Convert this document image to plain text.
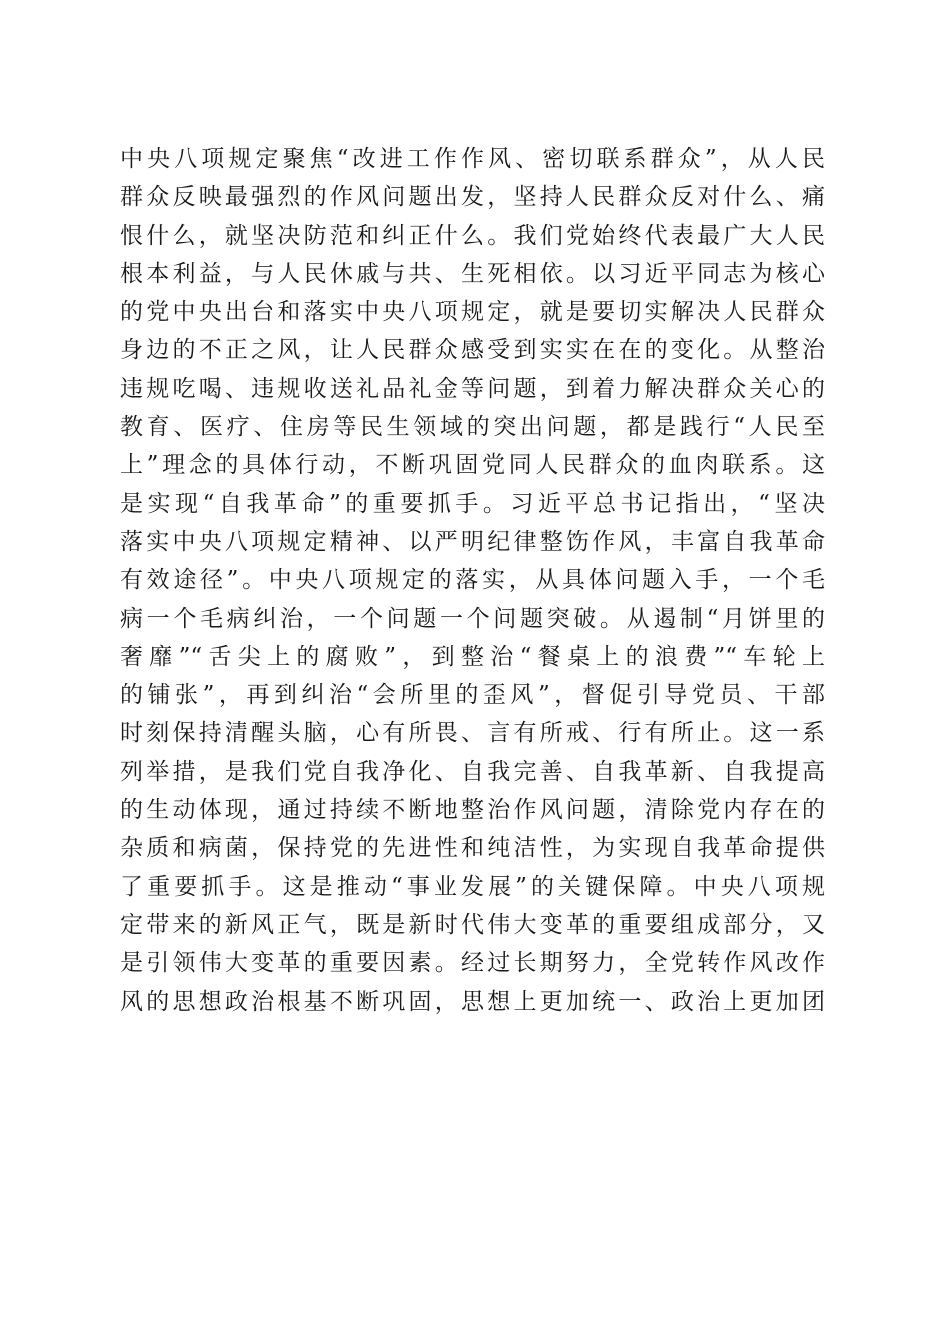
中央八项规定聚焦“改进工作作风、密切联系群众”，从人民
群众反映最强烈的作风问题出发，坚持人民群众反对什么、痛
恨什么，就坚决防范和纠正什么。我们党始终代表最广大人民
根本利益，与人民休戚与共、生死相依。以习近平同志为核心
的党中央出台和落实中央八项规定，就是要切实解决人民群众
身边的不正之风，让人民群众感受到实实在在的变化。从整治
违规吃喝、违规收送礼品礼金等问题，到着力解决群众关心的
教育、医疗、住房等民生领域的突出问题，都是践行“人民至
上”理念的具体行动，不断巩固党同人民群众的血肉联系。这
是实现“自我革命”的重要抓手。习近平总书记指出，“坚决
落实中央八项规定精神、以严明纪律整饬作风，丰富自我革命
有效途径”。中央八项规定的落实，从具体问题入手，一个毛
病一个毛病纠治，一个问题一个问题突破。从遏制“月饼里的
奢靡”“舌尖上的腐败”，到整治“餐桌上的浪费”“车轮上
的铺张”，再到纠治“会所里的歪风”，督促引导党员、干部
时刻保持清醒头脑，心有所畏、言有所戒、行有所止。这一系
列举措，是我们党自我净化、自我完善、自我革新、自我提高
的生动体现，通过持续不断地整治作风问题，清除党内存在的
杂质和病菌，保持党的先进性和纯洁性，为实现自我革命提供
了重要抓手。这是推动“事业发展”的关键保障。中央八项规
定带来的新风正气，既是新时代伟大变革的重要组成部分，又
是引领伟大变革的重要因素。经过长期努力，全党转作风改作
风的思想政治根基不断巩固，思想上更加统一、政治上更加团
